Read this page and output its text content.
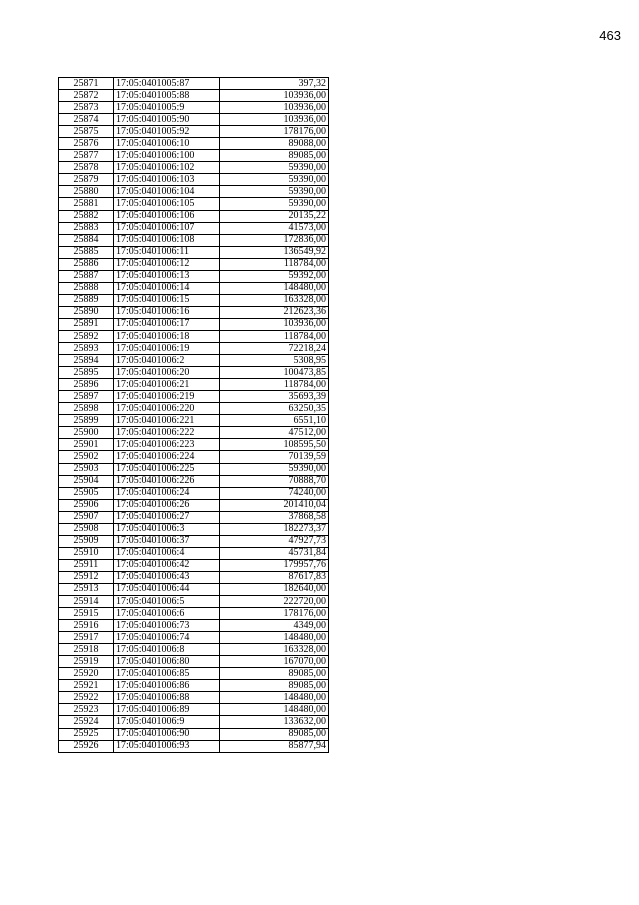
463
25871	17:05:0401005:87	397,32
25872	17:05:0401005:88	103936,00
25873	17:05:0401005:9	103936,00
25874	17:05:0401005:90	103936,00
25875	17:05:0401005:92	178176,00
25876	17:05:0401006:10	89088,00
25877	17:05:0401006:100	89085,00
25878	17:05:0401006:102	59390,00
25879	17:05:0401006:103	59390,00
25880	17:05:0401006:104	59390,00
25881	17:05:0401006:105	59390,00
25882	17:05:0401006:106	20135,22
25883	17:05:0401006:107	41573,00
25884	17:05:0401006:108	172836,00
25885	17:05:0401006:11	136549,92
25886	17:05:0401006:12	118784,00
25887	17:05:0401006:13	59392,00
25888	17:05:0401006:14	148480,00
25889	17:05:0401006:15	163328,00
25890	17:05:0401006:16	212623,36
25891	17:05:0401006:17	103936,00
25892	17:05:0401006:18	118784,00
25893	17:05:0401006:19	72218,24
25894	17:05:0401006:2	5308,95
25895	17:05:0401006:20	100473,85
25896	17:05:0401006:21	118784,00
25897	17:05:0401006:219	35693,39
25898	17:05:0401006:220	63250,35
25899	17:05:0401006:221	6551,10
25900	17:05:0401006:222	47512,00
25901	17:05:0401006:223	108595,50
25902	17:05:0401006:224	70139,59
25903	17:05:0401006:225	59390,00
25904	17:05:0401006:226	70888,70
25905	17:05:0401006:24	74240,00
25906	17:05:0401006:26	201410,04
25907	17:05:0401006:27	37868,58
25908	17:05:0401006:3	182273,37
25909	17:05:0401006:37	47927,73
25910	17:05:0401006:4	45731,84
25911	17:05:0401006:42	179957,76
25912	17:05:0401006:43	87617,83
25913	17:05:0401006:44	182640,00
25914	17:05:0401006:5	222720,00
25915	17:05:0401006:6	178176,00
25916	17:05:0401006:73	4349,00
25917	17:05:0401006:74	148480,00
25918	17:05:0401006:8	163328,00
25919	17:05:0401006:80	167070,00
25920	17:05:0401006:85	89085,00
25921	17:05:0401006:86	89085,00
25922	17:05:0401006:88	148480,00
25923	17:05:0401006:89	148480,00
25924	17:05:0401006:9	133632,00
25925	17:05:0401006:90	89085,00
25926	17:05:0401006:93	85877,94
